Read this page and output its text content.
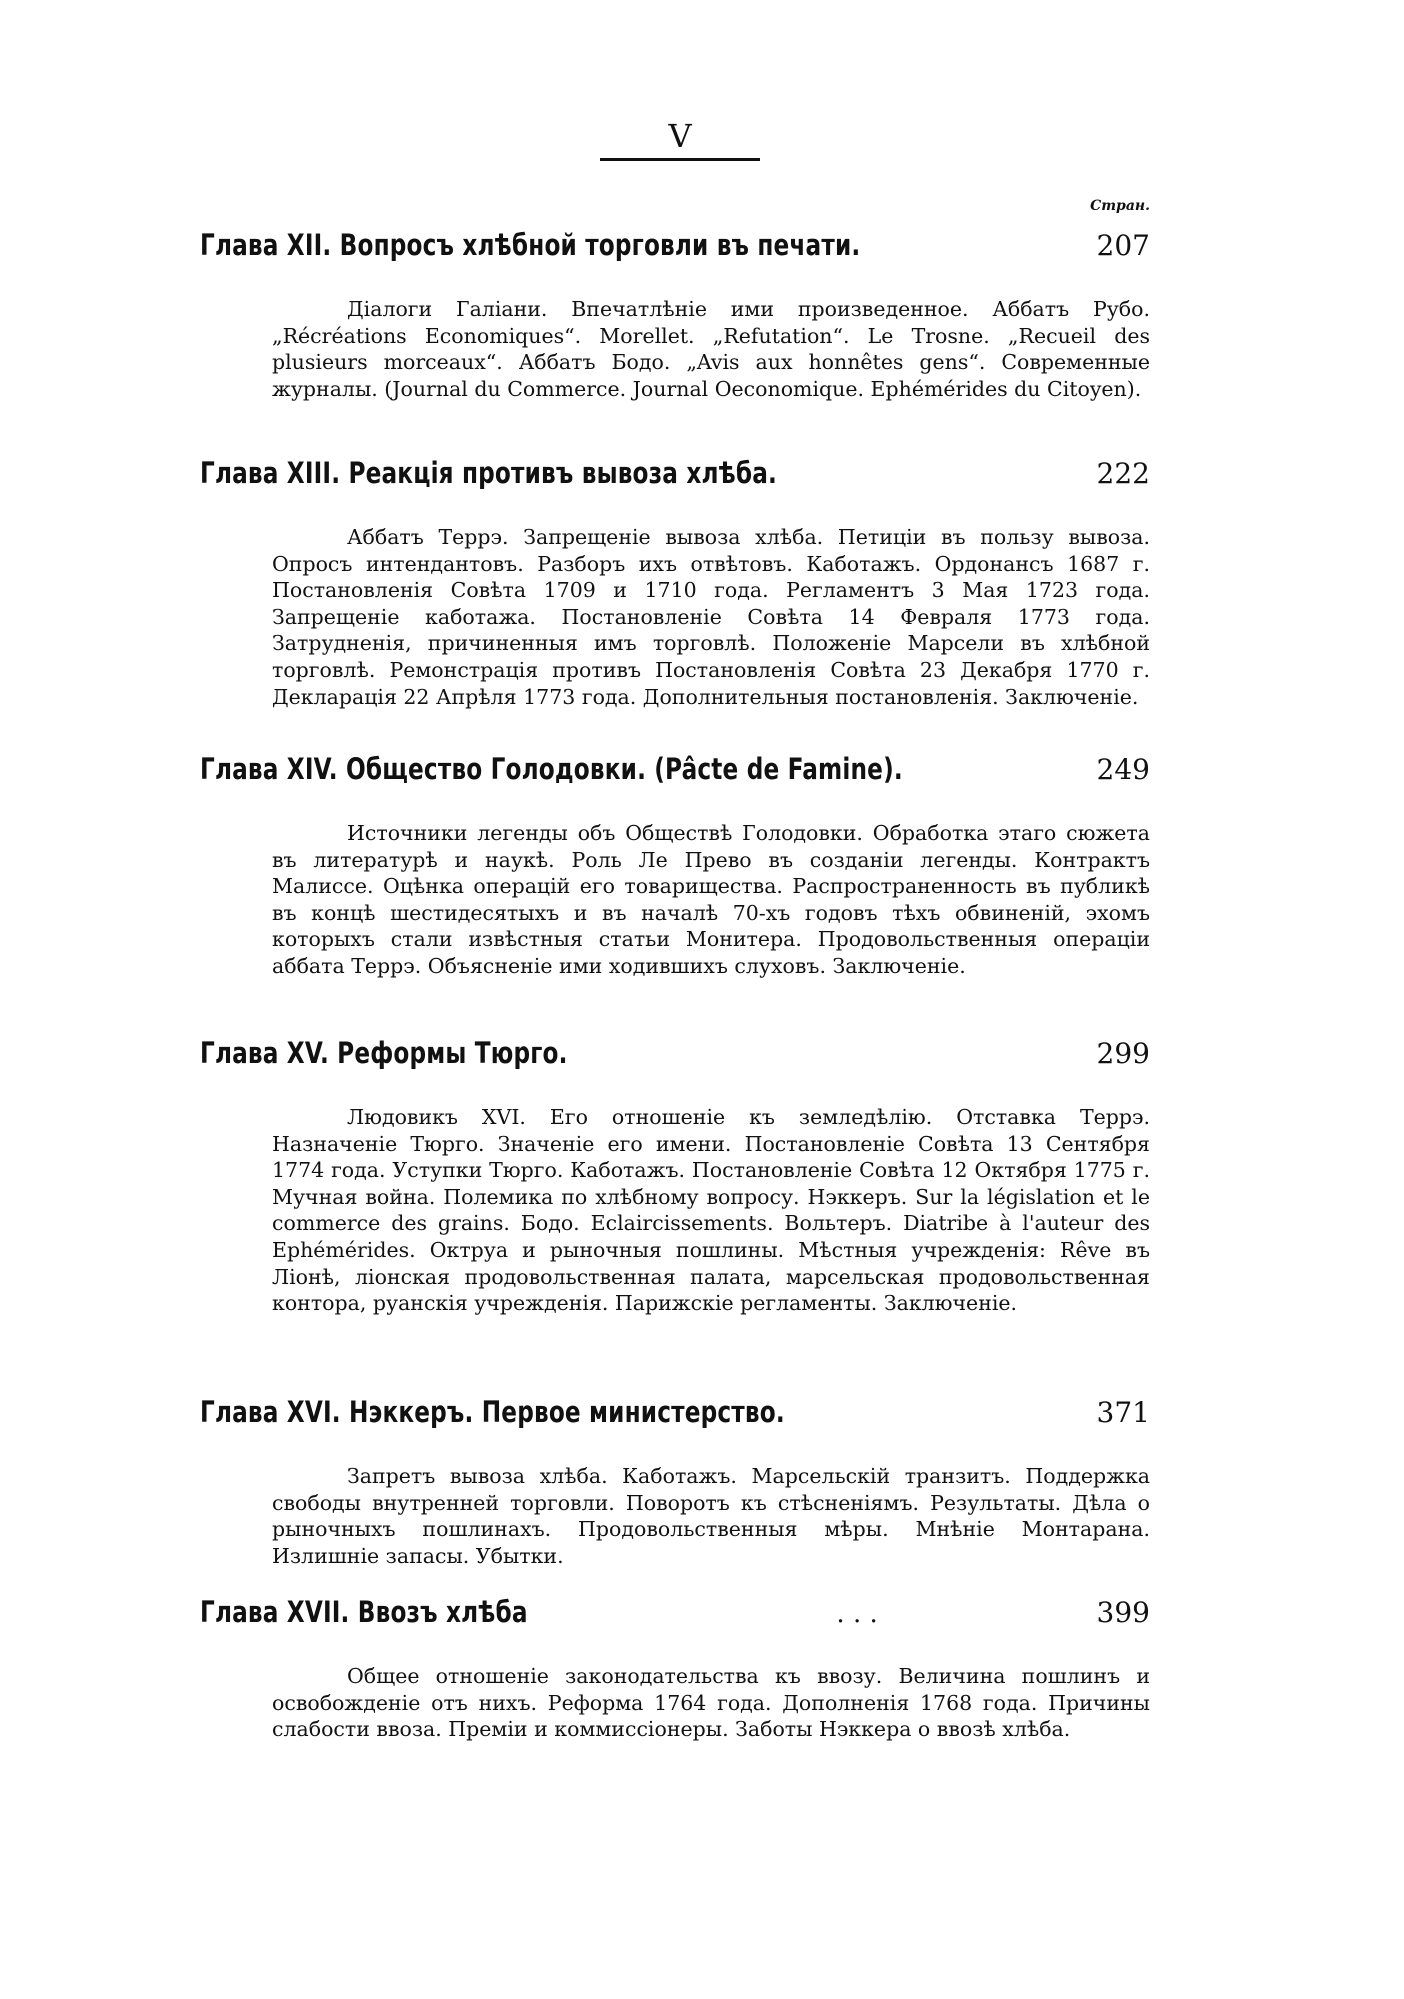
V
Стран.
Глава XII. Вопросъ хлѣбной торговли въ печати.	207
Діалоги Галіани. Впечатлѣніе ими произведенное. Аббатъ Рубо. „Récréations Economiques“. Morellet. „Refutation“. Le Trosne. „Recueil des plusieurs morceaux“. Аббатъ Бодо. „Avis aux honnêtes gens“. Современные журналы. (Journal du Commerce. Journal Oeconomique. Ephémérides du Citoyen).
Глава XIII. Реакція противъ вывоза хлѣба.	222
Аббатъ Террэ. Запрещеніе вывоза хлѣба. Петиціи въ пользу вывоза. Опросъ интендантовъ. Разборъ ихъ отвѣтовъ. Каботажъ. Ордонансъ 1687 г. Постановленія Совѣта 1709 и 1710 года. Регламентъ 3 Мая 1723 года. Запрещеніе каботажа. Постановленіе Совѣта 14 Февраля 1773 года. Затрудненія, причиненныя имъ торговлѣ. Положеніе Марсели въ хлѣбной торговлѣ. Ремонстрація противъ Постановленія Совѣта 23 Декабря 1770 г. Декларація 22 Апрѣля 1773 года. Дополнительныя постановленія. Заключеніе.
Глава XIV. Общество Голодовки. (Pâcte de Famine).	249
Источники легенды объ Обществѣ Голодовки. Обработка этаго сюжета въ литературѣ и наукѣ. Роль Ле Прево въ созданіи легенды. Контрактъ Малиссе. Оцѣнка операцій его товарищества. Распространенность въ публикѣ въ концѣ шестидесятыхъ и въ началѣ 70-хъ годовъ тѣхъ обвиненій, эхомъ которыхъ стали извѣстныя статьи Монитера. Продовольственныя операціи аббата Террэ. Объясненіе ими ходившихъ слуховъ. Заключеніе.
Глава XV. Реформы Тюрго.	299
Людовикъ XVI. Его отношеніе къ земледѣлію. Отставка Террэ. Назначеніе Тюрго. Значеніе его имени. Постановленіе Совѣта 13 Сентября 1774 года. Уступки Тюрго. Каботажъ. Постановленіе Совѣта 12 Октября 1775 г. Мучная война. Полемика по хлѣбному вопросу. Нэккеръ. Sur la législation et le commerce des grains. Бодо. Eclaircissements. Вольтеръ. Diatribe à l'auteur des Ephémérides. Октруа и рыночныя пошлины. Мѣстныя учрежденія: Rêve въ Ліонѣ, ліонская продовольственная палата, марсельская продовольственная контора, руанскія учрежденія. Парижскіе регламенты. Заключеніе.
Глава XVI. Нэккеръ. Первое министерство.	371
Запретъ вывоза хлѣба. Каботажъ. Марсельскій транзитъ. Поддержка свободы внутренней торговли. Поворотъ къ стѣсненіямъ. Результаты. Дѣла о рыночныхъ пошлинахъ. Продовольственныя мѣры. Мнѣніе Монтарана. Излишніе запасы. Убытки.
Глава XVII. Ввозъ хлѣба	. . .	399
Общее отношеніе законодательства къ ввозу. Величина пошлинъ и освобожденіе отъ нихъ. Реформа 1764 года. Дополненія 1768 года. Причины слабости ввоза. Преміи и коммиссіонеры. Заботы Нэккера о ввозѣ хлѣба.
